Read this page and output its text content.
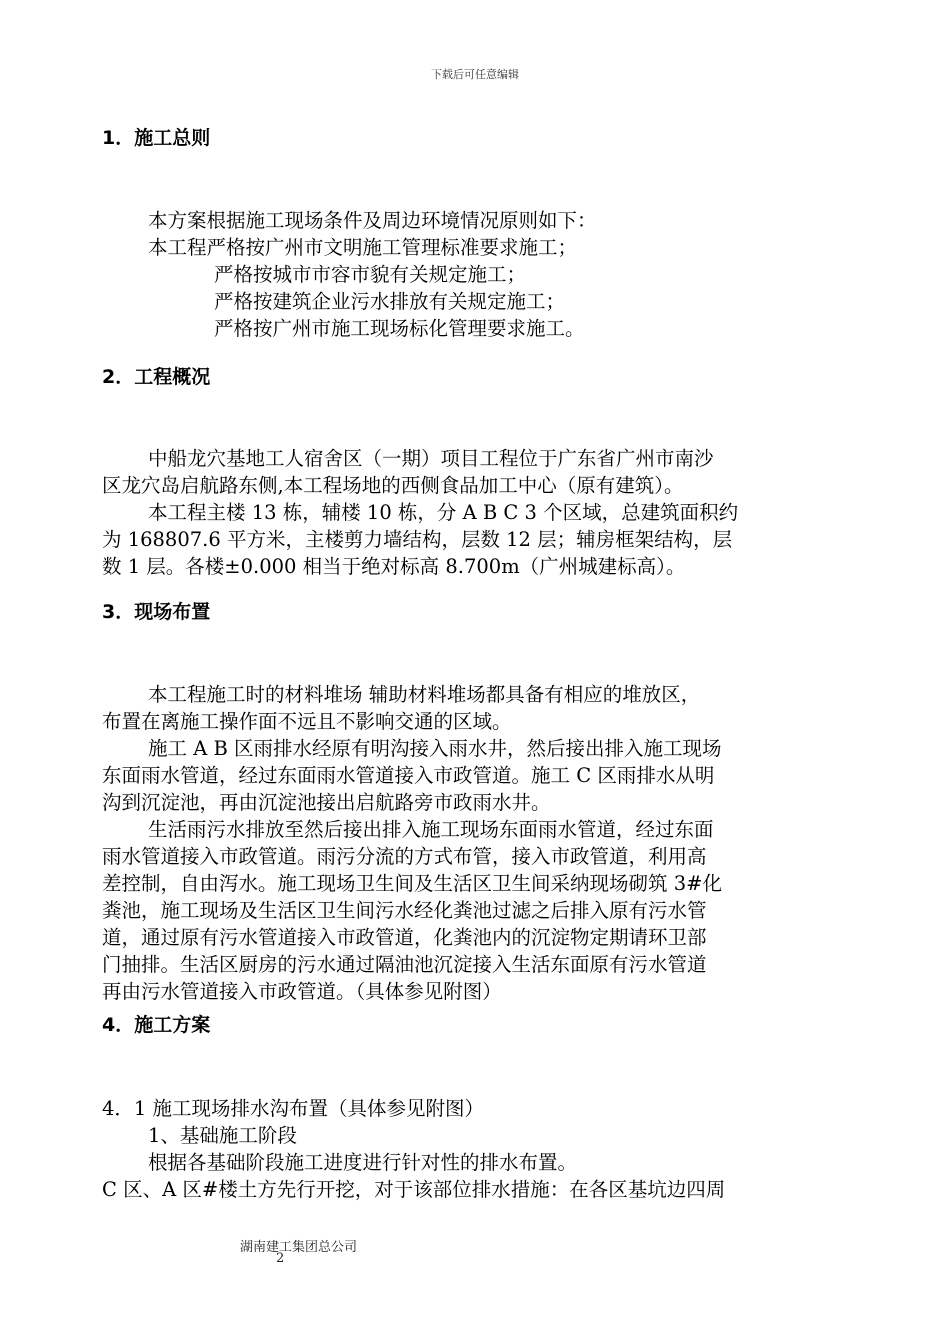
下载后可任意编辑
1．施工总则
本方案根据施工现场条件及周边环境情况原则如下：
本工程严格按广州市文明施工管理标准要求施工；
严格按城市市容市貌有关规定施工；
严格按建筑企业污水排放有关规定施工；
严格按广州市施工现场标化管理要求施工。
2．工程概况
中船龙穴基地工人宿舍区（一期）项目工程位于广东省广州市南沙
区龙穴岛启航路东侧,本工程场地的西侧食品加工中心（原有建筑）。
本工程主楼 13 栋，辅楼 10 栋，分 A B C 3 个区域，总建筑面积约
为 168807.6 平方米，主楼剪力墙结构，层数 12 层；辅房框架结构，层
数 1 层。各楼±0.000 相当于绝对标高 8.700m（广州城建标高）。
3．现场布置
本工程施工时的材料堆场 辅助材料堆场都具备有相应的堆放区，
布置在离施工操作面不远且不影响交通的区域。
施工 A B 区雨排水经原有明沟接入雨水井，然后接出排入施工现场
东面雨水管道，经过东面雨水管道接入市政管道。施工 C 区雨排水从明
沟到沉淀池，再由沉淀池接出启航路旁市政雨水井。
生活雨污水排放至然后接出排入施工现场东面雨水管道，经过东面
雨水管道接入市政管道。雨污分流的方式布管，接入市政管道，利用高
差控制，自由泻水。施工现场卫生间及生活区卫生间采纳现场砌筑 3#化
粪池，施工现场及生活区卫生间污水经化粪池过滤之后排入原有污水管
道，通过原有污水管道接入市政管道，化粪池内的沉淀物定期请环卫部
门抽排。生活区厨房的污水通过隔油池沉淀接入生活东面原有污水管道
再由污水管道接入市政管道。（具体参见附图）
4．施工方案
4．1 施工现场排水沟布置（具体参见附图）
1、基础施工阶段
根据各基础阶段施工进度进行针对性的排水布置。
C 区、A 区#楼土方先行开挖，对于该部位排水措施：在各区基坑边四周
湖南建工集团总公司
2
